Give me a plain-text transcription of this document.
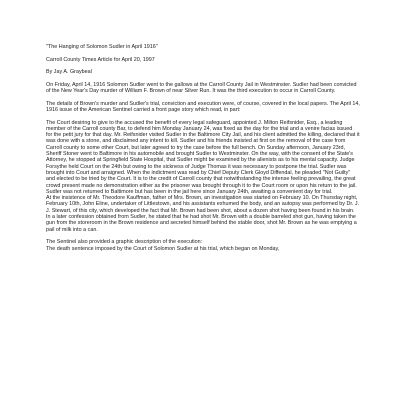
"The Hanging of Solomon Sudler in April 1916"

Carroll County Times Article for April 20, 1997

By Jay A. Graybeal

On Friday, April 14, 1916 Solomon Sudler went to the gallows at the Carroll County Jail in Westminster. Sudler had been convicted of the New Year's Day murder of William F. Brown of near Silver Run. It was the third execution to occur in Carroll County.

The details of Brown's murder and Sudler's trial, conviction and execution were, of course, covered in the local papers. The April 14, 1916 issue of the American Sentinel carried a front page story which read, in part:

The Court desiring to give to the accused the benefit of every legal safeguard, appointed J. Milton Reifsnider, Esq., a leading member of the Carroll county Bar, to defend him Monday January 24, was fixed as the day for the trial and a venire facias issued for the petit jury for that day. Mr. Reifsnider visited Sudler in the Baltimore City Jail, and his client admitted the killing, declared that it was done with a stone, and disclaimed any intent to kill. Sudler and his friends insisted at first on the removal of the case from Carroll county to some other Court, but later agreed to try the case before the full bench. On Sunday afternoon, January 23rd, Sheriff Stoner went to Baltimore in his automobile and brought Sudler to Westminster. On the way, with the consent of the State's Attorney, he stopped at Springfield State Hospital, that Sudler might be examined by the alienists as to his mental capacity. Judge Forsythe held Court on the 24th but owing to the sickness of Judge Thomas it was necessary to postpone the trial. Sudler was brought into Court and arraigned. When the indictment was read by Chief Deputy Clerk Gloyd Diffendal, he pleaded "Not Guilty" and elected to be tried by the Court. It is to the credit of Carroll county that notwithstanding the intense feeling prevailing, the great crowd present made no demonstration either as the prisoner was brought through it to the Court room or upon his return to the jail. Sudler was not returned to Baltimore but has been in the jail here since January 24th, awaiting a convenient day for trial.

At the insistence of Mr. Theodore Kauffman, father of Mrs. Brown, an investigation was started on February 10. On Thursday night, February 10th, John Eline, undertaker of Littlestown, and his assistants exhumed the body, and an autopsy was performed by Dr. J. J. Stewart, of this city, which developed the fact that Mr. Brown had been shot, about a dozen shot having been found in his brain. In a later confession obtained from Sudler, he stated that he had shot Mr. Brown with a double barreled shot gun, having taken the gun from the storeroom in the Brown residence and secreted himself behind the stable door, shot Mr. Brown as he was emptying a pail of milk into a can.

The Sentinel also provided a graphic description of the execution:

The death sentence imposed by the Court of Solomon Sudler at his trial, which began on Monday,
